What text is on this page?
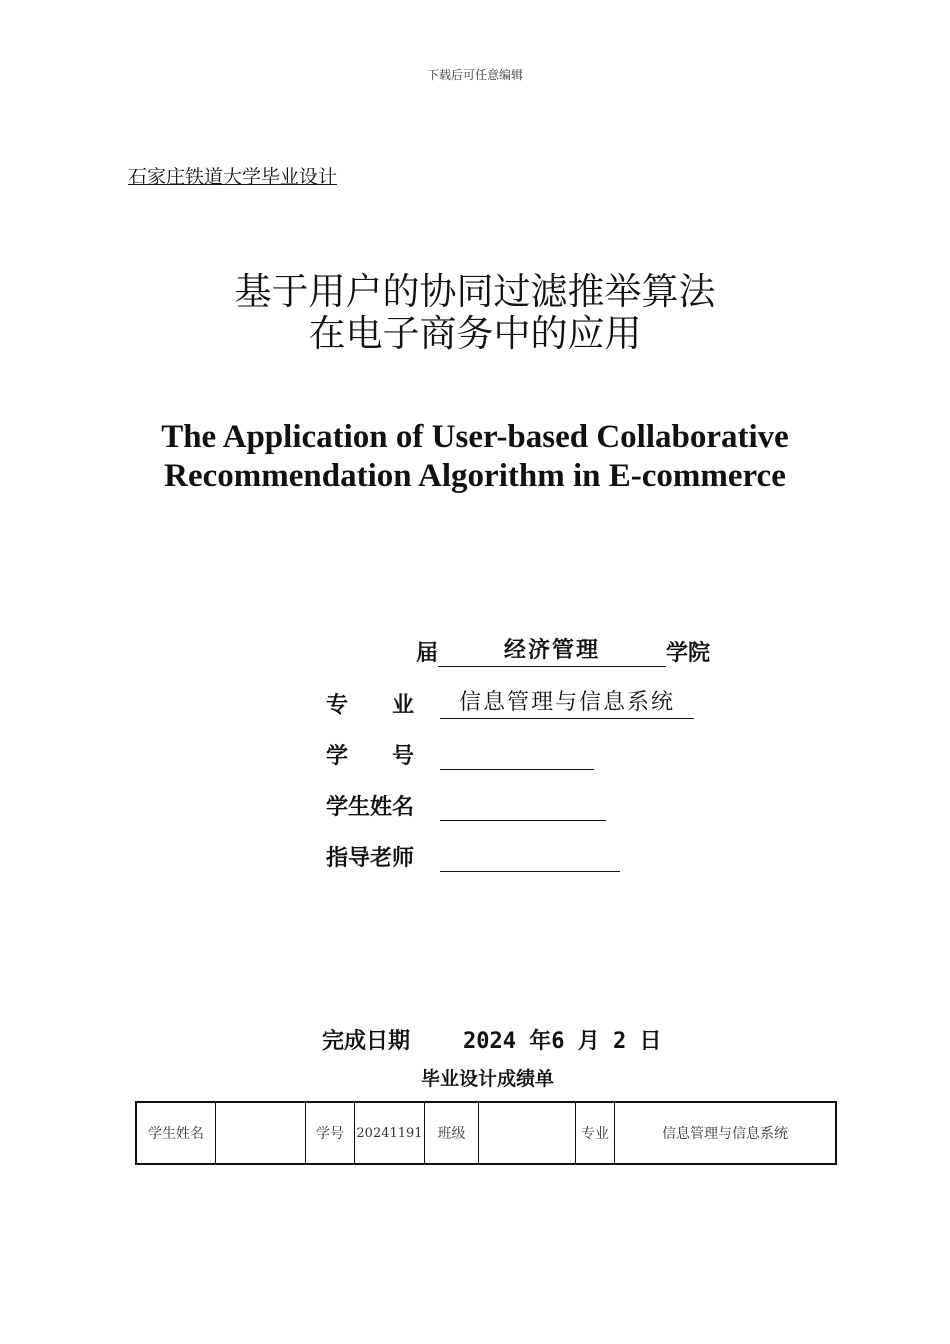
下载后可任意编辑
石家庄铁道大学毕业设计
基于用户的协同过滤推举算法
在电子商务中的应用
The Application of User-based Collaborative
Recommendation Algorithm in E-commerce
届	经济管理	学院
专　　业	信息管理与信息系统
学　　号
学生姓名
指导老师
完成日期 2024 年6 月 2 日
毕业设计成绩单
学生姓名		学号	20241191	班级		专业	信息管理与信息系统
